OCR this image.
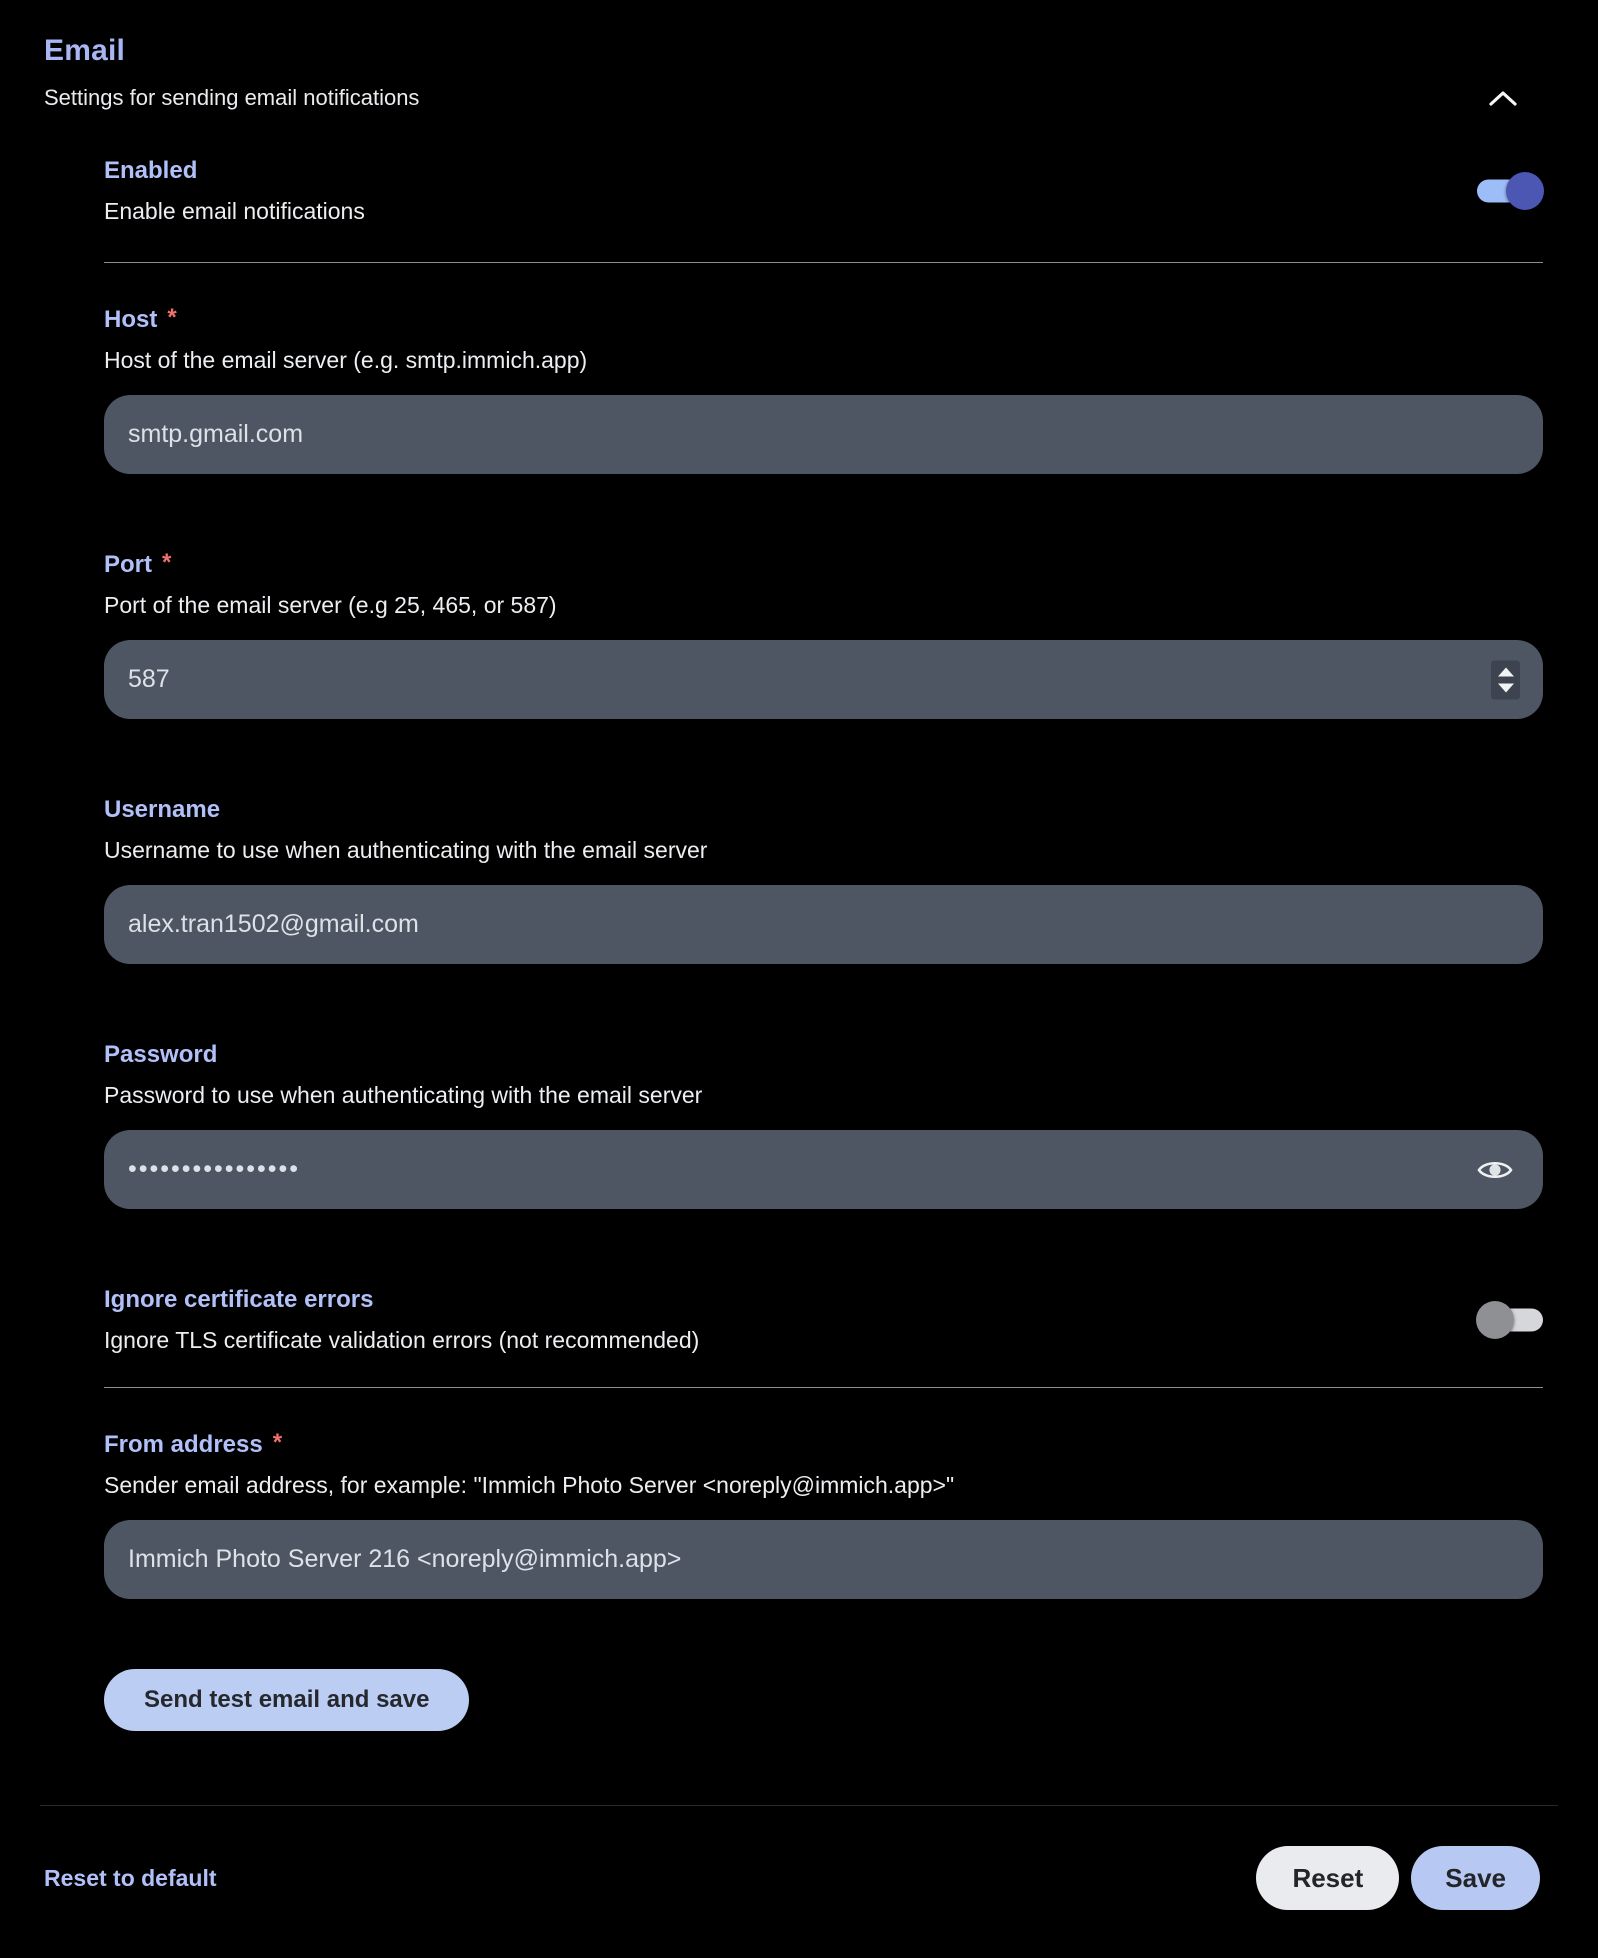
Email
Settings for sending email notifications
Enabled
Enable email notifications
Host *
Host of the email server (e.g. smtp.immich.app)
smtp.gmail.com
Port *
Port of the email server (e.g 25, 465, or 587)
587
Username
Username to use when authenticating with the email server
alex.tran1502@gmail.com
Password
Password to use when authenticating with the email server
••••••••••••••••
Ignore certificate errors
Ignore TLS certificate validation errors (not recommended)
From address *
Sender email address, for example: "Immich Photo Server <noreply@immich.app>"
Immich Photo Server 216 <noreply@immich.app>
Send test email and save
Reset to default	Reset	Save
